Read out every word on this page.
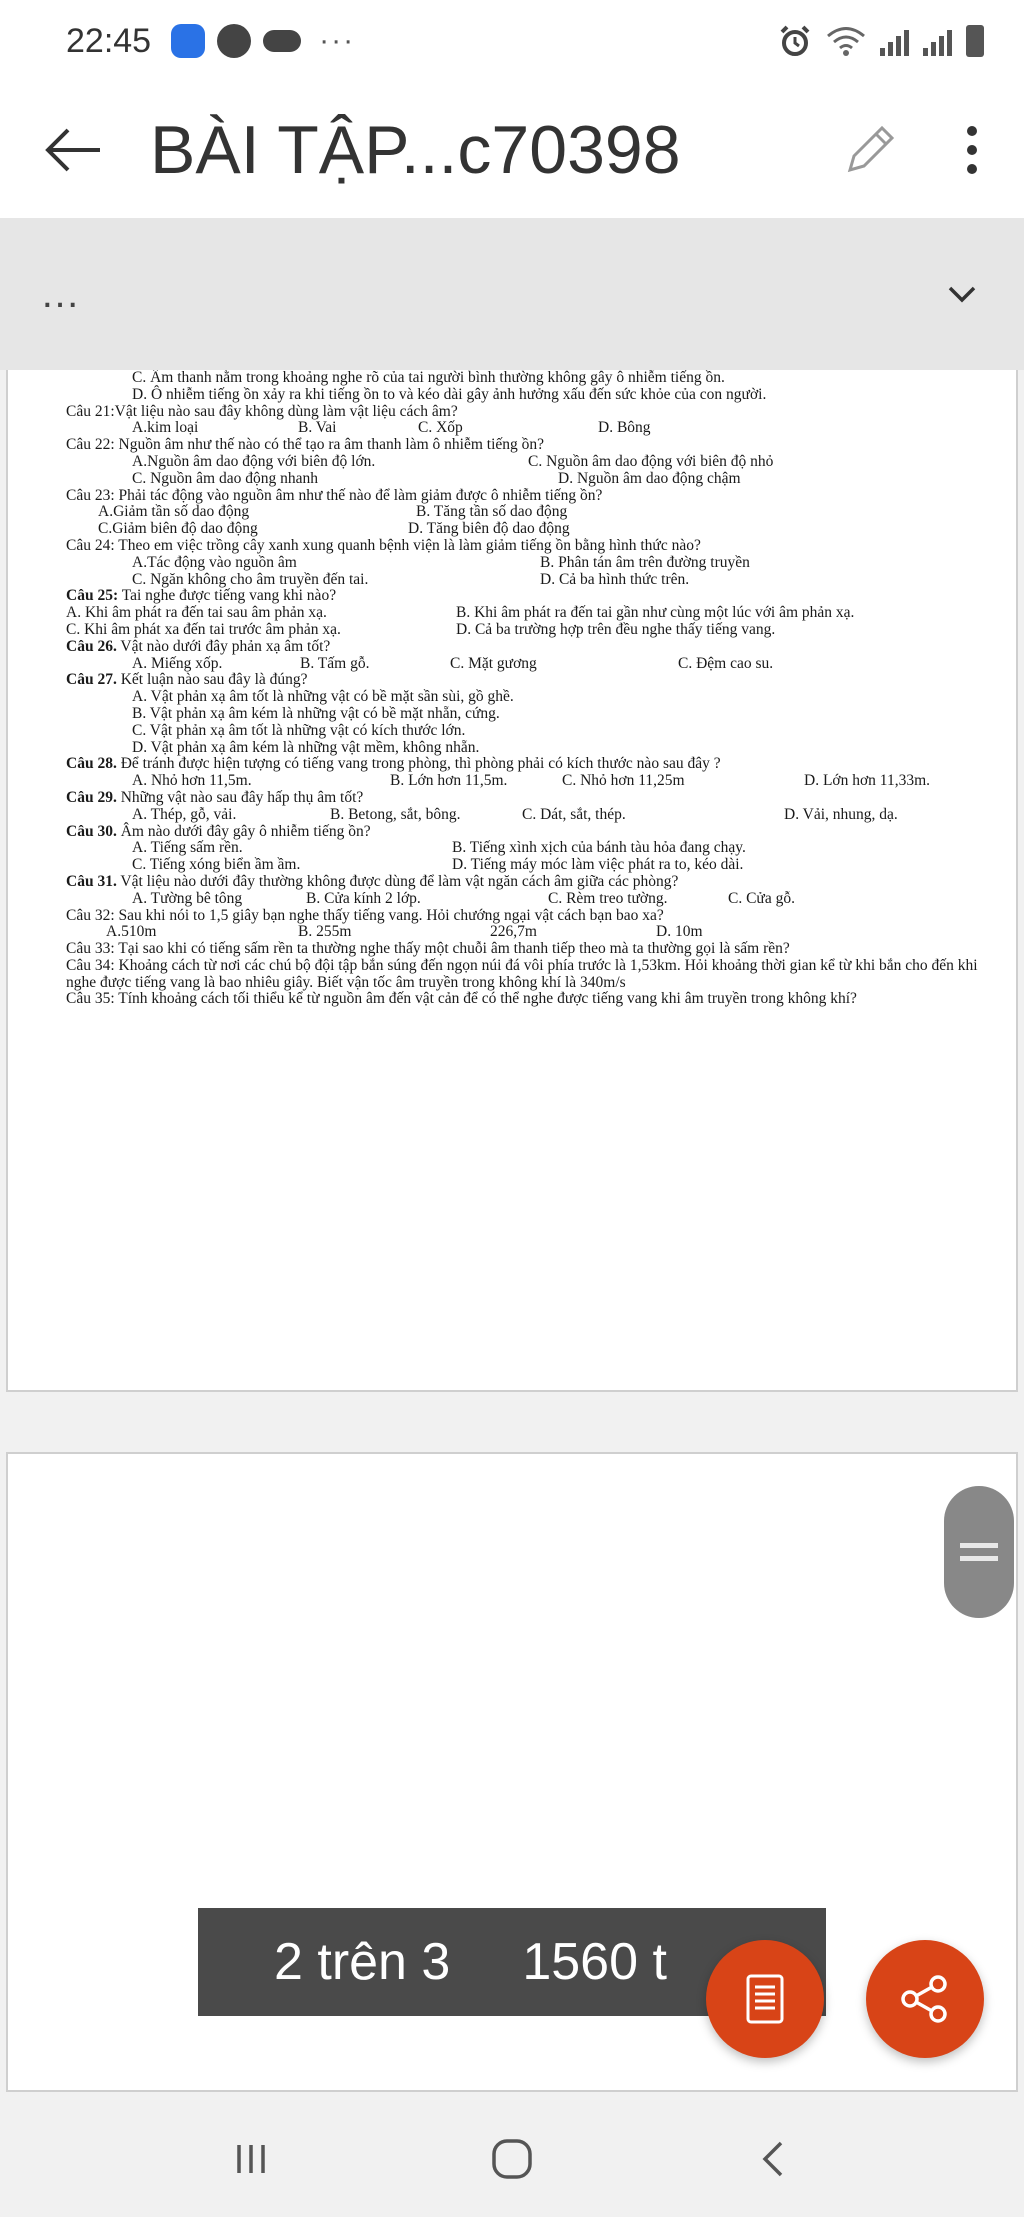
22:45	···
BÀI TẬP...c70398
…
C. Âm thanh nằm trong khoảng nghe rõ của tai người bình thường không gây ô nhiễm tiếng ồn.
D. Ô nhiễm tiếng ồn xảy ra khi tiếng ồn to và kéo dài gây ảnh hưởng xấu đến sức khỏe của con người.
Câu 21:Vật liệu nào sau đây không dùng làm vật liệu cách âm?
A.kim loại	B. Vai	C. Xốp	D. Bông
Câu 22: Nguồn âm như thế nào có thể tạo ra âm thanh làm ô nhiễm tiếng ồn?
A.Nguồn âm dao động với biên độ lớn.	C. Nguồn âm dao động với biên độ nhỏ
C. Nguồn âm dao động nhanh	D. Nguồn âm dao động chậm
Câu 23: Phải tác động vào nguồn âm như thế nào để làm giảm được ô nhiễm tiếng ồn?
A.Giảm tần số dao động	B. Tăng tần số dao động
C.Giảm biên độ dao động	D. Tăng biên độ dao động
Câu 24: Theo em việc trồng cây xanh xung quanh bệnh viện là làm giảm tiếng ồn bằng hình thức nào?
A.Tác động vào nguồn âm	B. Phân tán âm trên đường truyền
C. Ngăn không cho âm truyền đến tai.	D. Cả ba hình thức trên.
Câu 25: Tai nghe được tiếng vang khi nào?
A. Khi âm phát ra đến tai sau âm phản xạ.	B. Khi âm phát ra đến tai gần như cùng một lúc với âm phản xạ.
C. Khi âm phát xa đến tai trước âm phản xạ.	D. Cả ba trường hợp trên đều nghe thấy tiếng vang.
Câu 26. Vật nào dưới đây phản xạ âm tốt?
A. Miếng xốp.	B. Tấm gỗ.	C. Mặt gương	C. Đệm cao su.
Câu 27. Kết luận nào sau đây là đúng?
A. Vật phản xạ âm tốt là những vật có bề mặt sần sùi, gồ ghề.
B. Vật phản xạ âm kém là những vật có bề mặt nhẵn, cứng.
C. Vật phản xạ âm tốt là những vật có kích thước lớn.
D. Vật phản xạ âm kém là những vật mềm, không nhẵn.
Câu 28. Để tránh được hiện tượng có tiếng vang trong phòng, thì phòng phải có kích thước nào sau đây ?
A. Nhỏ hơn 11,5m.	B. Lớn hơn 11,5m.	C. Nhỏ hơn 11,25m	D. Lớn hơn 11,33m.
Câu 29. Những vật nào sau đây hấp thụ âm tốt?
A. Thép, gỗ, vải.	B. Betong, sắt, bông.	C. Dát, sắt, thép.	D. Vải, nhung, dạ.
Câu 30. Âm nào dưới đây gây ô nhiễm tiếng ồn?
A. Tiếng sấm rền.	B. Tiếng xình xịch của bánh tàu hỏa đang chạy.
C. Tiếng xóng biển ầm ầm.	D. Tiếng máy móc làm việc phát ra to, kéo dài.
Câu 31. Vật liệu nào dưới đây thường không được dùng để làm vật ngăn cách âm giữa các phòng?
A. Tường bê tông	B. Cửa kính 2 lớp.	C. Rèm treo tường.	C. Cửa gỗ.
Câu 32: Sau khi nói to 1,5 giây bạn nghe thấy tiếng vang. Hỏi chướng ngại vật cách bạn bao xa?
A.510m	B. 255m	226,7m	D. 10m
Câu 33: Tại sao khi có tiếng sấm rền ta thường nghe thấy một chuỗi âm thanh tiếp theo mà ta thường gọi là sấm rền?
Câu 34: Khoảng cách từ nơi các chú bộ đội tập bắn súng đến ngọn núi đá vôi phía trước là 1,53km. Hỏi khoảng thời gian kể từ khi bắn cho đến khi nghe được tiếng vang là bao nhiêu giây. Biết vận tốc âm truyền trong không khí là 340m/s
Câu 35: Tính khoảng cách tối thiểu kể từ nguồn âm đến vật cản để có thể nghe được tiếng vang khi âm truyền trong không khí?
2 trên 3 1560 t
